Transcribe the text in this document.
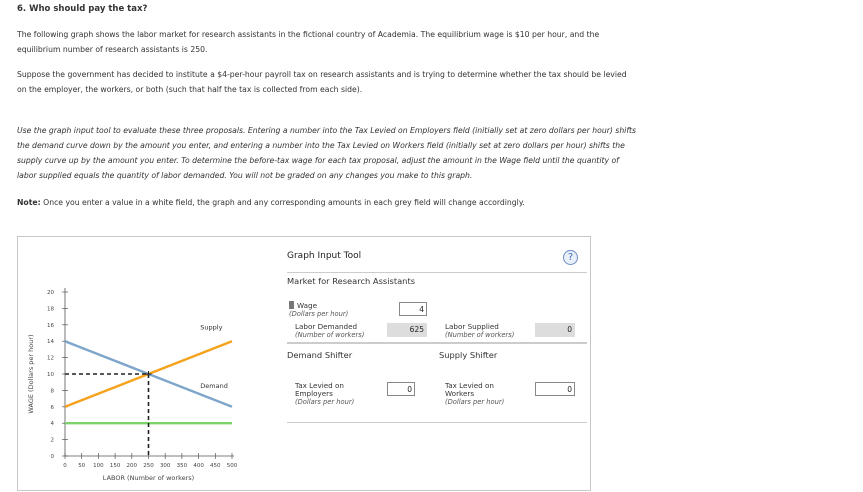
6. Who should pay the tax?

The following graph shows the labor market for research assistants in the fictional country of Academia. The equilibrium wage is $10 per hour, and the equilibrium number of research assistants is 250.

Suppose the government has decided to institute a $4-per-hour payroll tax on research assistants and is trying to determine whether the tax should be levied on the employer, the workers, or both (such that half the tax is collected from each side).

Use the graph input tool to evaluate these three proposals. Entering a number into the Tax Levied on Employers field (initially set at zero dollars per hour) shifts the demand curve down by the amount you enter, and entering a number into the Tax Levied on Workers field (initially set at zero dollars per hour) shifts the supply curve up by the amount you enter. To determine the before-tax wage for each tax proposal, adjust the amount in the Wage field until the quantity of labor supplied equals the quantity of labor demanded. You will not be graded on any changes you make to this graph.

Note: Once you enter a value in a white field, the graph and any corresponding amounts in each grey field will change accordingly.

0
2
4
6
8
10
12
14
16
18
20
0 50 100 150 200 250 300 350 400 450 500
LABOR (Number of workers)
WAGE (Dollars per hour)
Supply
Demand
Graph Input Tool	?
Market for Research Assistants
Wage
(Dollars per hour)
4
Labor Demanded
(Number of workers)
625	Labor Supplied
(Number of workers)
0
Demand Shifter	Supply Shifter
Tax Levied on Employers
(Dollars per hour)
0
Tax Levied on Workers
(Dollars per hour)
0
